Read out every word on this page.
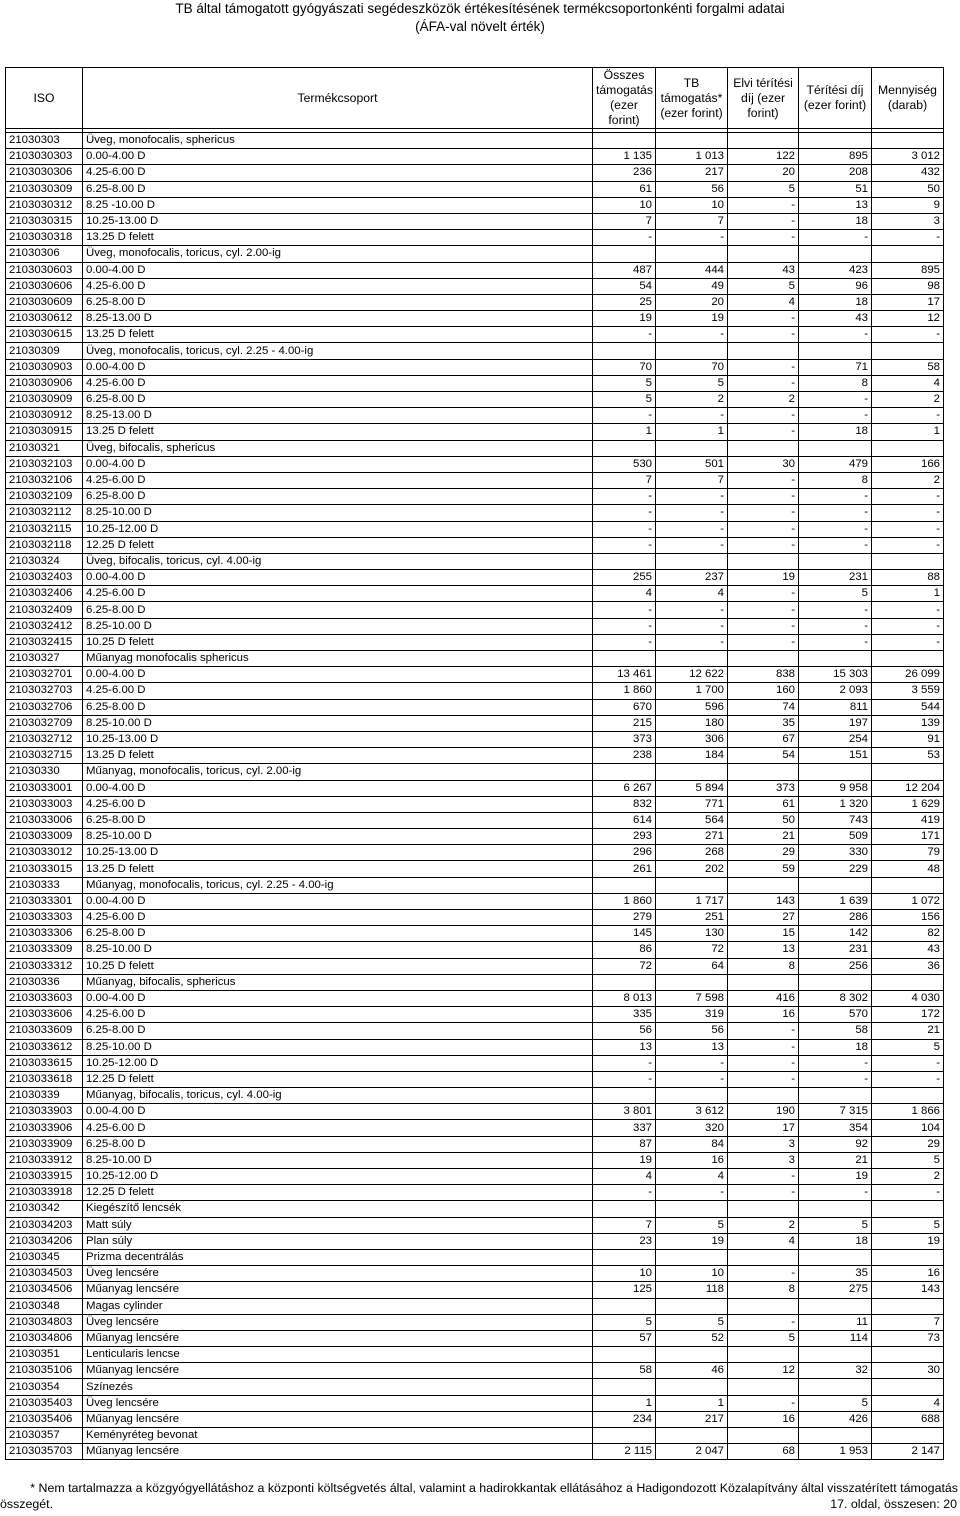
TB által támogatott gyógyászati segédeszközök értékesítésének termékcsoportonkénti forgalmi adatai
(ÁFA-val növelt érték)
ISO	Termékcsoport	Összes támogatás (ezer forint)	TB támogatás* (ezer forint)	Elvi térítési díj (ezer forint)	Térítési díj (ezer forint)	Mennyiség (darab)

21030303	Üveg, monofocalis, sphericus					
2103030303	0.00-4.00 D	1 135	1 013	122	895	3 012
2103030306	4.25-6.00 D	236	217	20	208	432
2103030309	6.25-8.00 D	61	56	5	51	50
2103030312	8.25 -10.00 D	10	10	-	13	9
2103030315	10.25-13.00 D	7	7	-	18	3
2103030318	13.25 D felett	-	-	-	-	-
21030306	Üveg, monofocalis, toricus, cyl. 2.00-ig					
2103030603	0.00-4.00 D	487	444	43	423	895
2103030606	4.25-6.00 D	54	49	5	96	98
2103030609	6.25-8.00 D	25	20	4	18	17
2103030612	8.25-13.00 D	19	19	-	43	12
2103030615	13.25 D felett	-	-	-	-	-
21030309	Üveg, monofocalis, toricus, cyl. 2.25 - 4.00-ig					
2103030903	0.00-4.00 D	70	70	-	71	58
2103030906	4.25-6.00 D	5	5	-	8	4
2103030909	6.25-8.00 D	5	2	2	-	2
2103030912	8.25-13.00 D	-	-	-	-	-
2103030915	13.25 D felett	1	1	-	18	1
21030321	Üveg, bifocalis, sphericus					
2103032103	0.00-4.00 D	530	501	30	479	166
2103032106	4.25-6.00 D	7	7	-	8	2
2103032109	6.25-8.00 D	-	-	-	-	-
2103032112	8.25-10.00 D	-	-	-	-	-
2103032115	10.25-12.00 D	-	-	-	-	-
2103032118	12.25 D felett	-	-	-	-	-
21030324	Üveg, bifocalis, toricus, cyl. 4.00-ig					
2103032403	0.00-4.00 D	255	237	19	231	88
2103032406	4.25-6.00 D	4	4	-	5	1
2103032409	6.25-8.00 D	-	-	-	-	-
2103032412	8.25-10.00 D	-	-	-	-	-
2103032415	10.25 D felett	-	-	-	-	-
21030327	Műanyag monofocalis sphericus					
2103032701	0.00-4.00 D	13 461	12 622	838	15 303	26 099
2103032703	4.25-6.00 D	1 860	1 700	160	2 093	3 559
2103032706	6.25-8.00 D	670	596	74	811	544
2103032709	8.25-10.00 D	215	180	35	197	139
2103032712	10.25-13.00 D	373	306	67	254	91
2103032715	13.25 D felett	238	184	54	151	53
21030330	Műanyag, monofocalis, toricus, cyl. 2.00-ig					
2103033001	0.00-4.00 D	6 267	5 894	373	9 958	12 204
2103033003	4.25-6.00 D	832	771	61	1 320	1 629
2103033006	6.25-8.00 D	614	564	50	743	419
2103033009	8.25-10.00 D	293	271	21	509	171
2103033012	10.25-13.00 D	296	268	29	330	79
2103033015	13.25 D felett	261	202	59	229	48
21030333	Műanyag, monofocalis, toricus, cyl. 2.25 - 4.00-ig					
2103033301	0.00-4.00 D	1 860	1 717	143	1 639	1 072
2103033303	4.25-6.00 D	279	251	27	286	156
2103033306	6.25-8.00 D	145	130	15	142	82
2103033309	8.25-10.00 D	86	72	13	231	43
2103033312	10.25 D felett	72	64	8	256	36
21030336	Műanyag, bifocalis, sphericus					
2103033603	0.00-4.00 D	8 013	7 598	416	8 302	4 030
2103033606	4.25-6.00 D	335	319	16	570	172
2103033609	6.25-8.00 D	56	56	-	58	21
2103033612	8.25-10.00 D	13	13	-	18	5
2103033615	10.25-12.00 D	-	-	-	-	-
2103033618	12.25 D felett	-	-	-	-	-
21030339	Műanyag, bifocalis, toricus, cyl. 4.00-ig					
2103033903	0.00-4.00 D	3 801	3 612	190	7 315	1 866
2103033906	4.25-6.00 D	337	320	17	354	104
2103033909	6.25-8.00 D	87	84	3	92	29
2103033912	8.25-10.00 D	19	16	3	21	5
2103033915	10.25-12.00 D	4	4	-	19	2
2103033918	12.25 D felett	-	-	-	-	-
21030342	Kiegészítő lencsék					
2103034203	Matt súly	7	5	2	5	5
2103034206	Plan súly	23	19	4	18	19
21030345	Prizma decentrálás					
2103034503	Üveg lencsére	10	10	-	35	16
2103034506	Műanyag lencsére	125	118	8	275	143
21030348	Magas cylinder					
2103034803	Üveg lencsére	5	5	-	11	7
2103034806	Műanyag lencsére	57	52	5	114	73
21030351	Lenticularis lencse					
2103035106	Műanyag lencsére	58	46	12	32	30
21030354	Színezés					
2103035403	Üveg lencsére	1	1	-	5	4
2103035406	Műanyag lencsére	234	217	16	426	688
21030357	Keményréteg bevonat					
2103035703	Műanyag lencsére	2 115	2 047	68	1 953	2 147
* Nem tartalmazza a közgyógyellátáshoz a központi költségvetés által, valamint a hadirokkantak ellátásához a Hadigondozott Közalapítvány által visszatérített támogatás
összegét.	17. oldal, összesen: 20
